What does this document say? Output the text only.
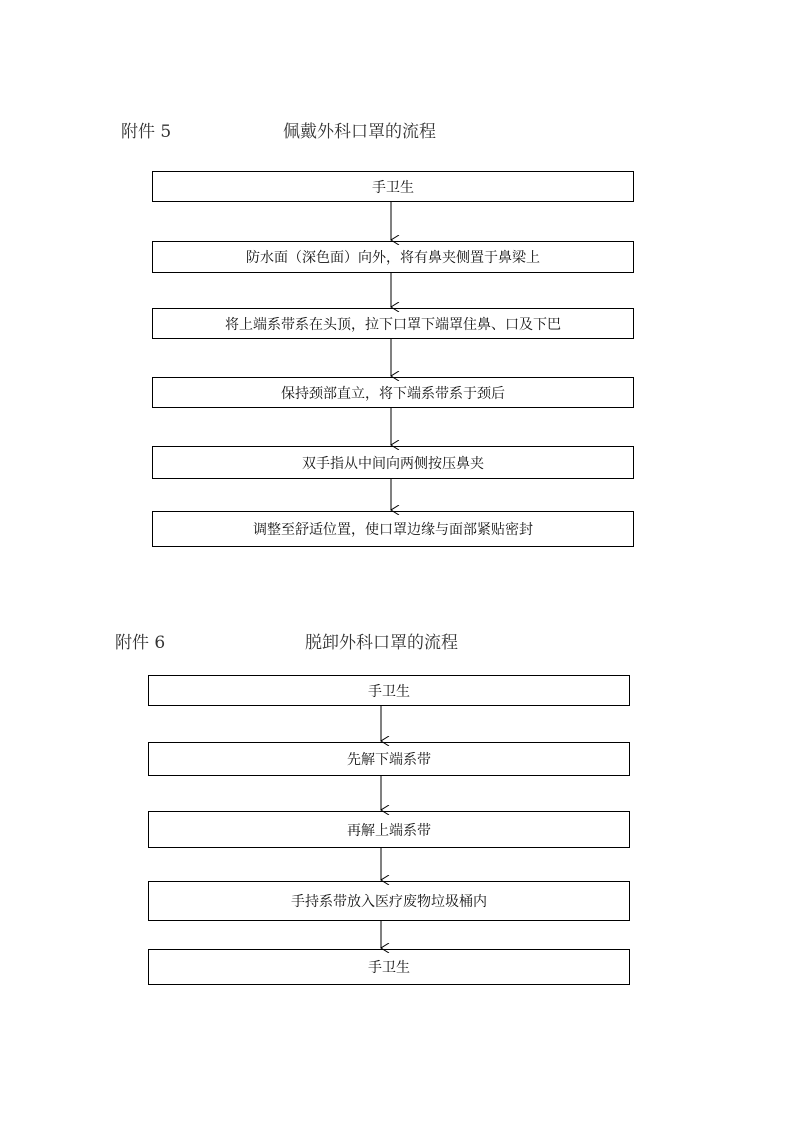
附件 5	佩戴外科口罩的流程
手卫生
防水面（深色面）向外，将有鼻夹侧置于鼻梁上
将上端系带系在头顶，拉下口罩下端罩住鼻、口及下巴
保持颈部直立，将下端系带系于颈后
双手指从中间向两侧按压鼻夹
调整至舒适位置，使口罩边缘与面部紧贴密封
附件 6	脱卸外科口罩的流程
手卫生
先解下端系带
再解上端系带
手持系带放入医疗废物垃圾桶内
手卫生
